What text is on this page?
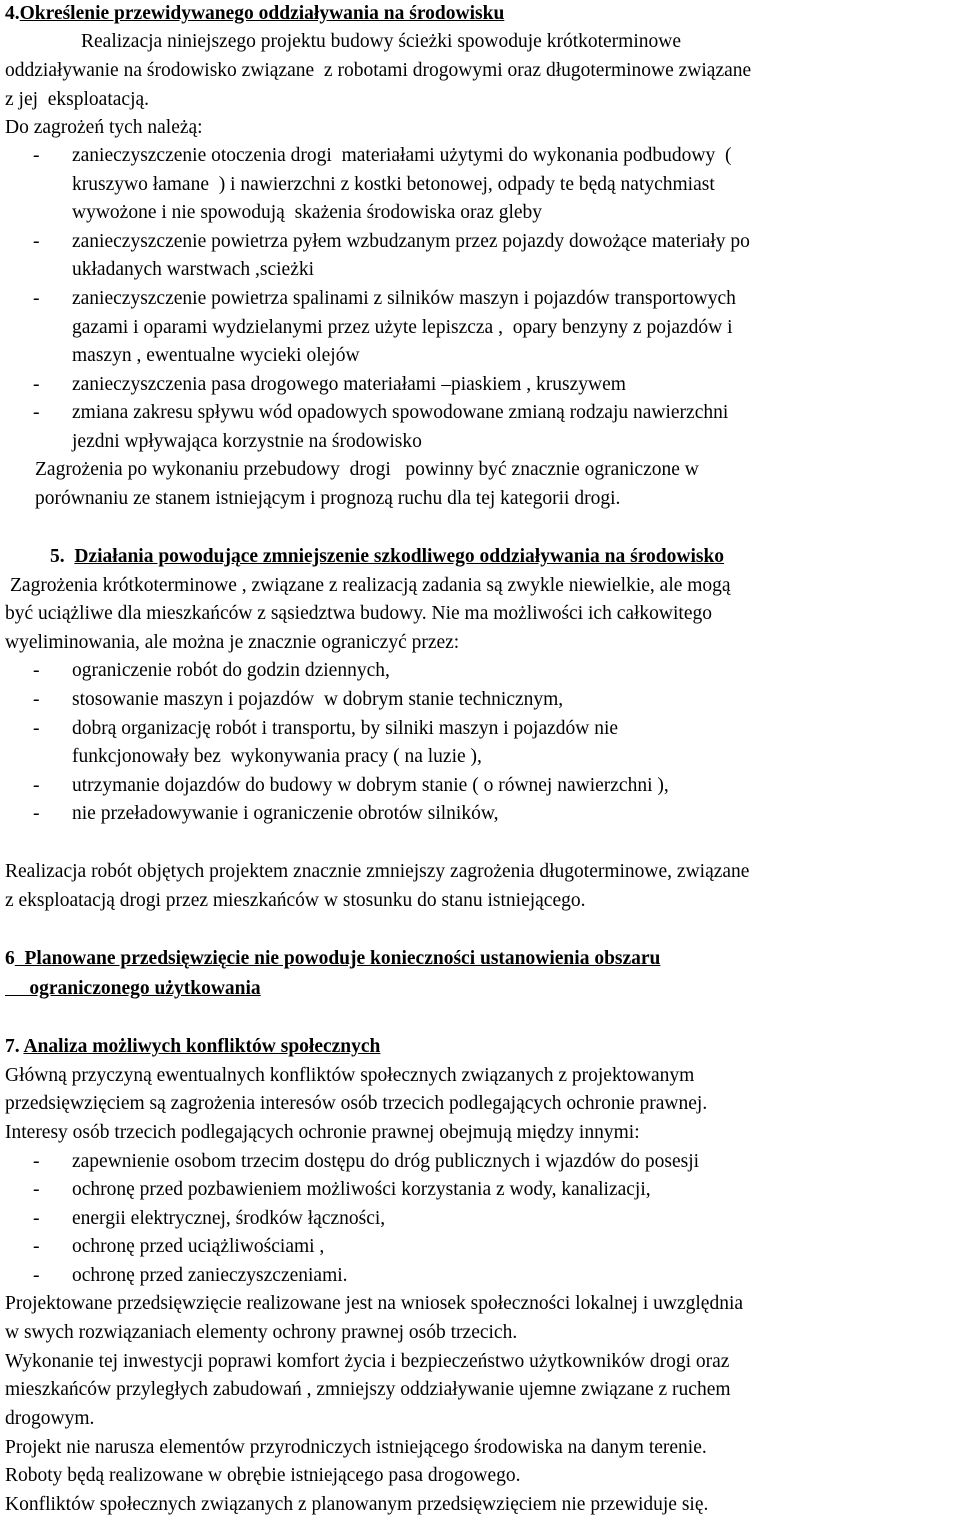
4.Określenie przewidywanego oddziaływania na środowisku
Realizacja niniejszego projektu budowy ścieżki spowoduje krótkoterminowe
oddziaływanie na środowisko związane  z robotami drogowymi oraz długoterminowe związane
z jej  eksploatacją.
Do zagrożeń tych należą:
- zanieczyszczenie otoczenia drogi  materiałami użytymi do wykonania podbudowy  (
kruszywo łamane  ) i nawierzchni z kostki betonowej, odpady te będą natychmiast
wywożone i nie spowodują  skażenia środowiska oraz gleby
- zanieczyszczenie powietrza pyłem wzbudzanym przez pojazdy dowożące materiały po
układanych warstwach ,scieżki
- zanieczyszczenie powietrza spalinami z silników maszyn i pojazdów transportowych
gazami i oparami wydzielanymi przez użyte lepiszcza ,  opary benzyny z pojazdów i
maszyn , ewentualne wycieki olejów
- zanieczyszczenia pasa drogowego materiałami –piaskiem , kruszywem
- zmiana zakresu spływu wód opadowych spowodowane zmianą rodzaju nawierzchni
jezdni wpływająca korzystnie na środowisko
Zagrożenia po wykonaniu przebudowy  drogi   powinny być znacznie ograniczone w
porównaniu ze stanem istniejącym i prognozą ruchu dla tej kategorii drogi.
5.  Działania powodujące zmniejszenie szkodliwego oddziaływania na środowisko
Zagrożenia krótkoterminowe , związane z realizacją zadania są zwykle niewielkie, ale mogą
być uciążliwe dla mieszkańców z sąsiedztwa budowy. Nie ma możliwości ich całkowitego
wyeliminowania, ale można je znacznie ograniczyć przez:
- ograniczenie robót do godzin dziennych,
- stosowanie maszyn i pojazdów  w dobrym stanie technicznym,
- dobrą organizację robót i transportu, by silniki maszyn i pojazdów nie
funkcjonowały bez  wykonywania pracy ( na luzie ),
- utrzymanie dojazdów do budowy w dobrym stanie ( o równej nawierzchni ),
- nie przeładowywanie i ograniczenie obrotów silników,
Realizacja robót objętych projektem znacznie zmniejszy zagrożenia długoterminowe, związane
z eksploatacją drogi przez mieszkańców w stosunku do stanu istniejącego.
6  Planowane przedsięwzięcie nie powoduje konieczności ustanowienia obszaru
ograniczonego użytkowania
7. Analiza możliwych konfliktów społecznych
Główną przyczyną ewentualnych konfliktów społecznych związanych z projektowanym
przedsięwzięciem są zagrożenia interesów osób trzecich podlegających ochronie prawnej.
Interesy osób trzecich podlegających ochronie prawnej obejmują między innymi:
- zapewnienie osobom trzecim dostępu do dróg publicznych i wjazdów do posesji
- ochronę przed pozbawieniem możliwości korzystania z wody, kanalizacji,
- energii elektrycznej, środków łączności,
- ochronę przed uciążliwościami ,
- ochronę przed zanieczyszczeniami.
Projektowane przedsięwzięcie realizowane jest na wniosek społeczności lokalnej i uwzględnia
w swych rozwiązaniach elementy ochrony prawnej osób trzecich.
Wykonanie tej inwestycji poprawi komfort życia i bezpieczeństwo użytkowników drogi oraz
mieszkańców przyległych zabudowań , zmniejszy oddziaływanie ujemne związane z ruchem
drogowym.
Projekt nie narusza elementów przyrodniczych istniejącego środowiska na danym terenie.
Roboty będą realizowane w obrębie istniejącego pasa drogowego.
Konfliktów społecznych związanych z planowanym przedsięwzięciem nie przewiduje się.
